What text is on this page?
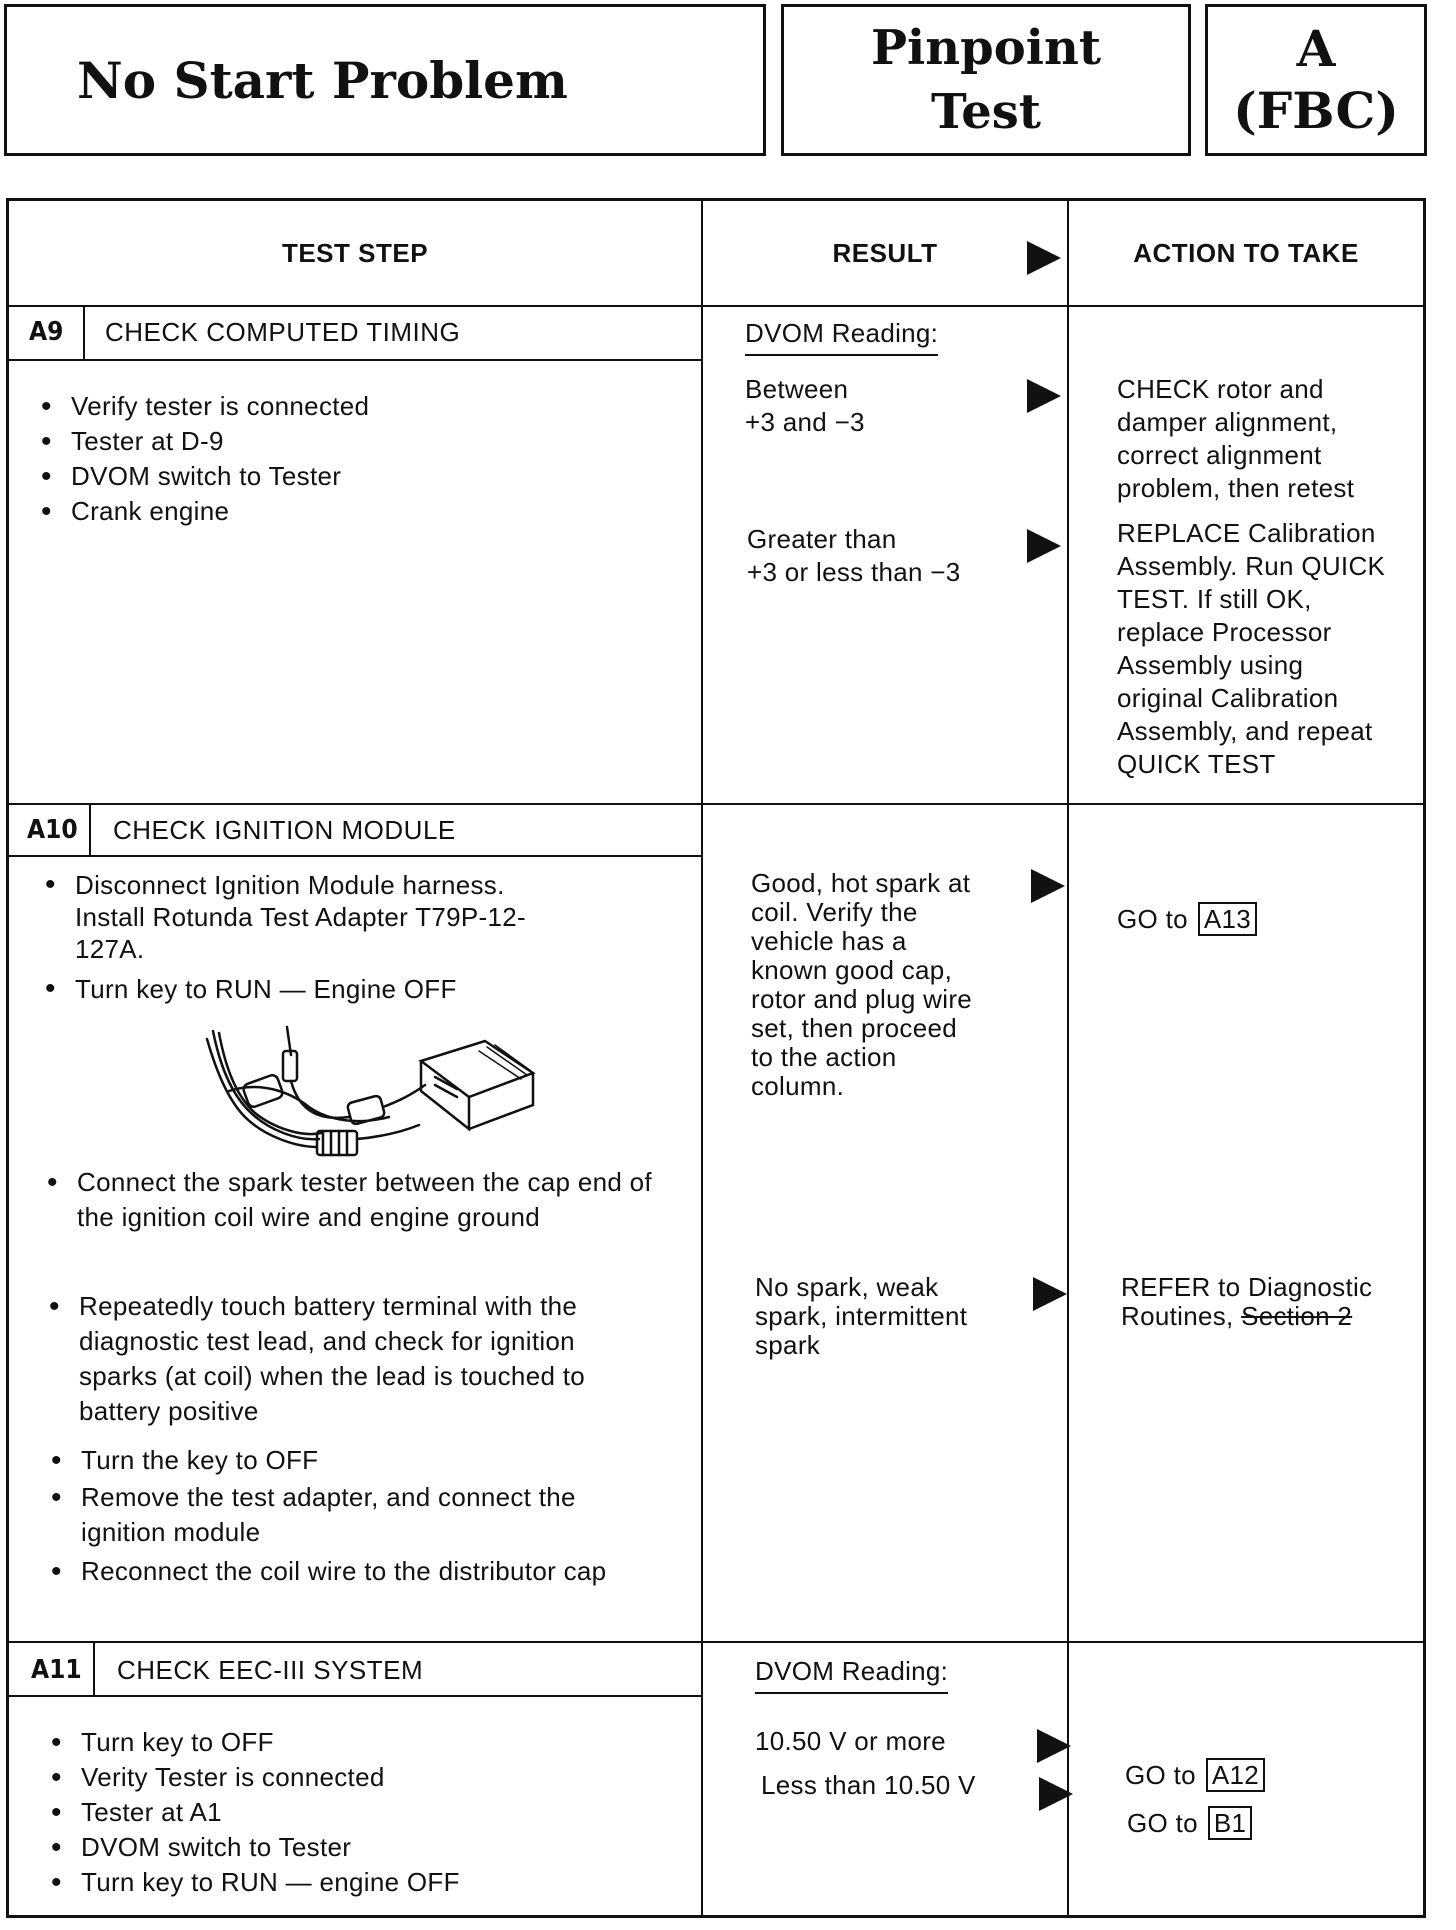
No Start Problem
Pinpoint
Test
A
(FBC)
TEST STEP	RESULT	ACTION TO TAKE
A9 CHECK COMPUTED TIMING
• Verify tester is connected
• Tester at D-9
• DVOM switch to Tester
• Crank engine
DVOM Reading:
Between
+3 and −3
CHECK rotor and
damper alignment,
correct alignment
problem, then retest
Greater than
+3 or less than −3
REPLACE Calibration
Assembly. Run QUICK
TEST. If still OK,
replace Processor
Assembly using
original Calibration
Assembly, and repeat
QUICK TEST
A10 CHECK IGNITION MODULE
• Disconnect Ignition Module harness. Install Rotunda Test Adapter T79P-12-127A.
• Turn key to RUN — Engine OFF
• Connect the spark tester between the cap end of the ignition coil wire and engine ground
• Repeatedly touch battery terminal with the diagnostic test lead, and check for ignition sparks (at coil) when the lead is touched to battery positive
• Turn the key to OFF
• Remove the test adapter, and connect the ignition module
• Reconnect the coil wire to the distributor cap
Good, hot spark at
coil. Verify the
vehicle has a
known good cap,
rotor and plug wire
set, then proceed
to the action
column.

GO to A13

No spark, weak
spark, intermittent
spark
REFER to Diagnostic
Routines, Section 2
A11 CHECK EEC-III SYSTEM
• Turn key to OFF
• Verity Tester is connected
• Tester at A1
• DVOM switch to Tester
• Turn key to RUN — engine OFF
DVOM Reading:
10.50 V or more

GO to A12

Less than 10.50 V

GO to B1
